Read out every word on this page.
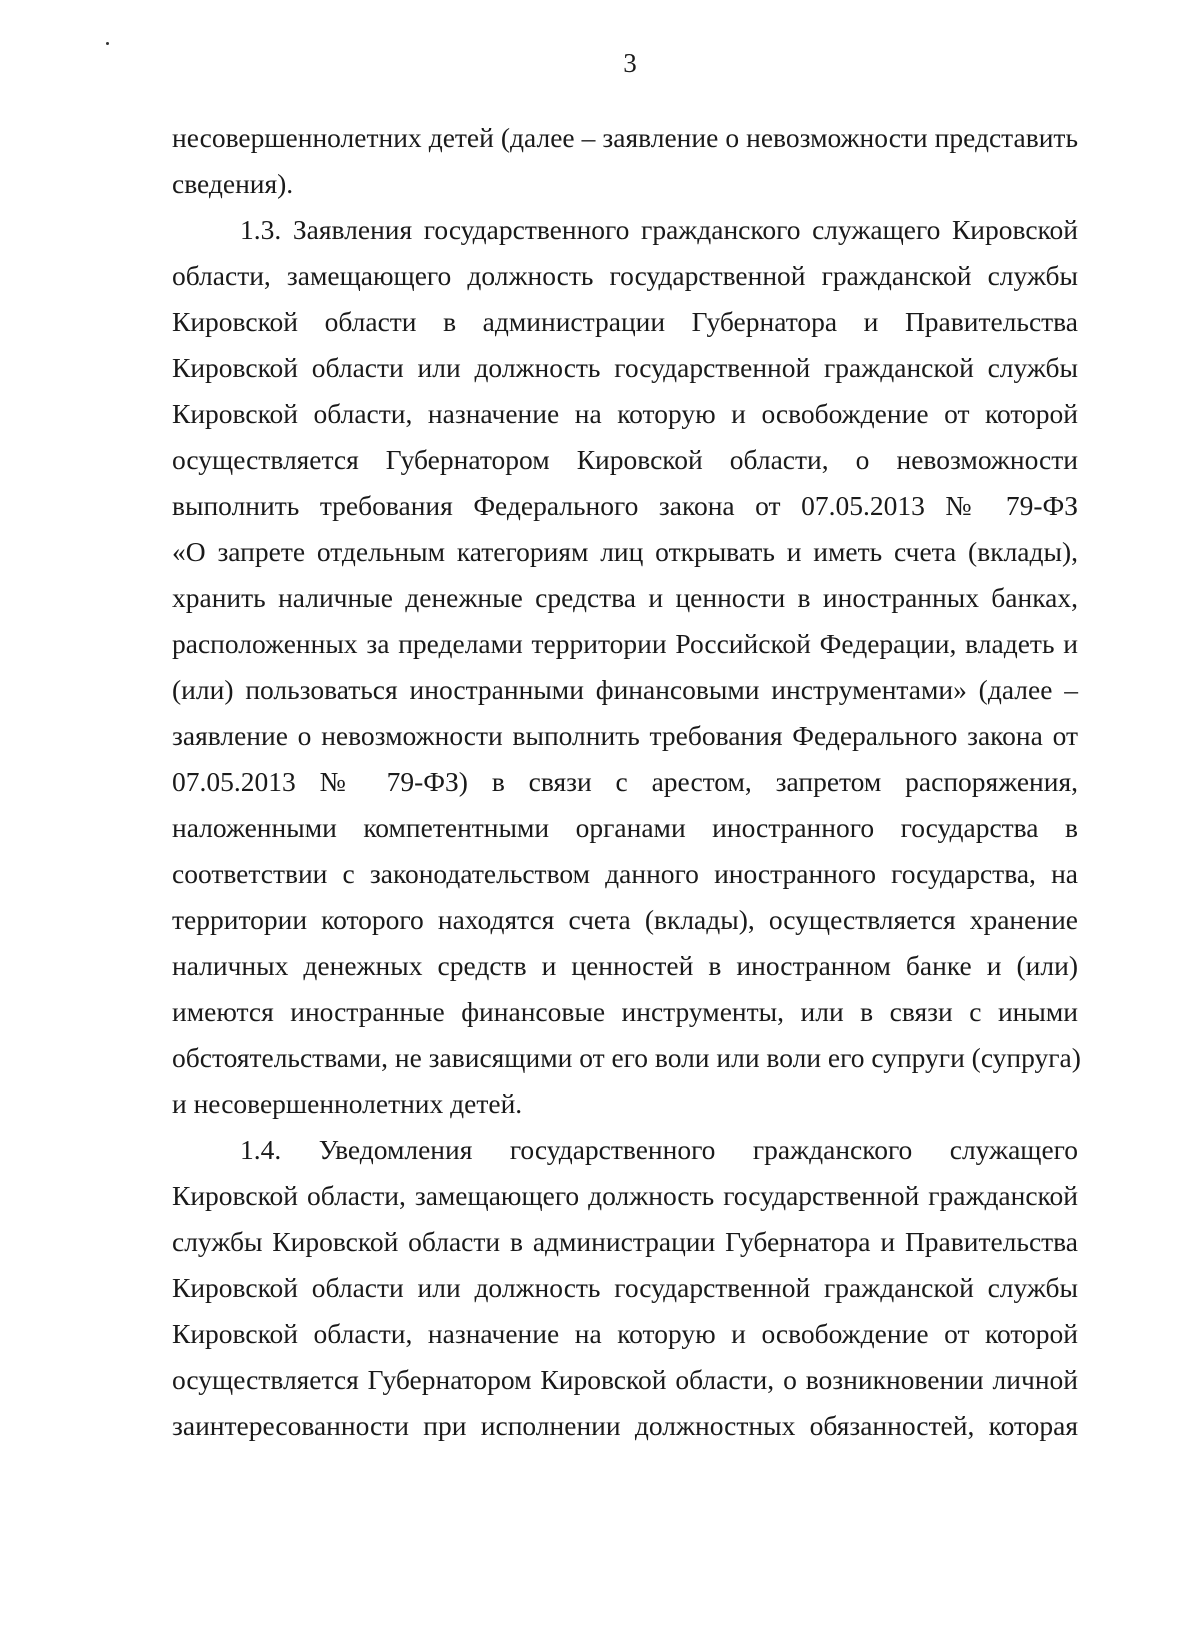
3
несовершеннолетних детей (далее – заявление о невозможности представить
сведения).
1.3. Заявления государственного гражданского служащего Кировской
области, замещающего должность государственной гражданской службы
Кировской области в администрации Губернатора и Правительства
Кировской области или должность государственной гражданской службы
Кировской области, назначение на которую и освобождение от которой
осуществляется Губернатором Кировской области, о невозможности
выполнить требования Федерального закона от 07.05.2013 № 79-ФЗ
«О запрете отдельным категориям лиц открывать и иметь счета (вклады),
хранить наличные денежные средства и ценности в иностранных банках,
расположенных за пределами территории Российской Федерации, владеть и
(или) пользоваться иностранными финансовыми инструментами» (далее –
заявление о невозможности выполнить требования Федерального закона от
07.05.2013 № 79-ФЗ) в связи с арестом, запретом распоряжения,
наложенными компетентными органами иностранного государства в
соответствии с законодательством данного иностранного государства, на
территории которого находятся счета (вклады), осуществляется хранение
наличных денежных средств и ценностей в иностранном банке и (или)
имеются иностранные финансовые инструменты, или в связи с иными
обстоятельствами, не зависящими от его воли или воли его супруги (супруга)
и несовершеннолетних детей.
1.4. Уведомления государственного гражданского служащего
Кировской области, замещающего должность государственной гражданской
службы Кировской области в администрации Губернатора и Правительства
Кировской области или должность государственной гражданской службы
Кировской области, назначение на которую и освобождение от которой
осуществляется Губернатором Кировской области, о возникновении личной
заинтересованности при исполнении должностных обязанностей, которая
